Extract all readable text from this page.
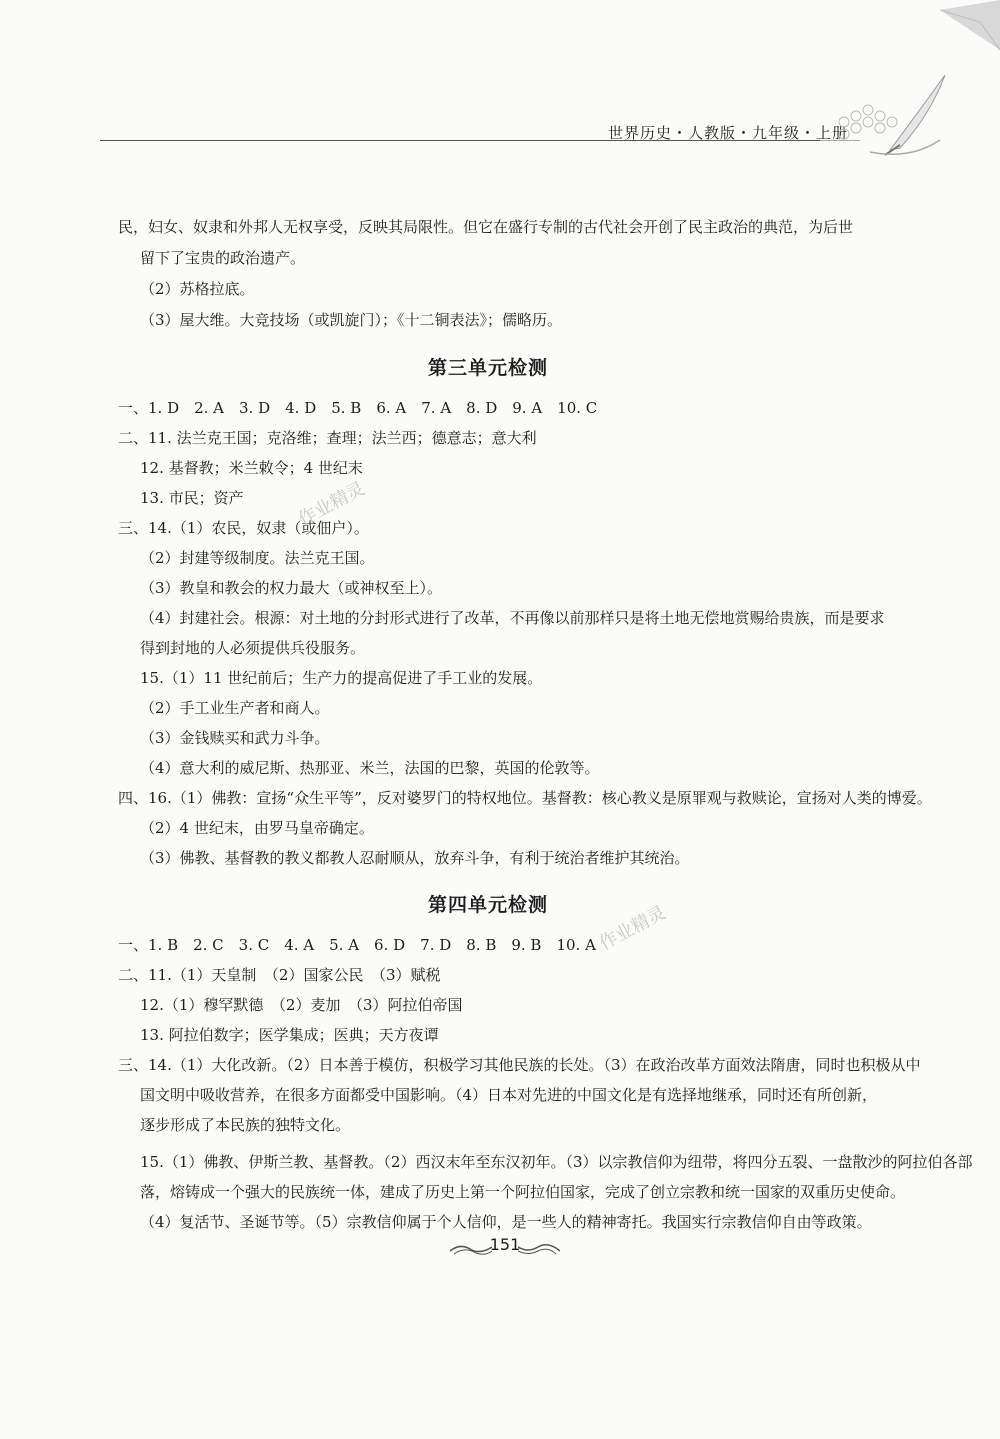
世界历史・人教版・九年级・上册
民，妇女、奴隶和外邦人无权享受，反映其局限性。但它在盛行专制的古代社会开创了民主政治的典范，为后世
留下了宝贵的政治遗产。
（2）苏格拉底。
（3）屋大维。大竞技场（或凯旋门）；《十二铜表法》；儒略历。
第三单元检测
一、1. D　2. A　3. D　4. D　5. B　6. A　7. A　8. D　9. A　10. C
二、11. 法兰克王国；克洛维；查理；法兰西；德意志；意大利
12. 基督教；米兰敕令；4 世纪末
13. 市民；资产
三、14.（1）农民，奴隶（或佃户）。
（2）封建等级制度。法兰克王国。
（3）教皇和教会的权力最大（或神权至上）。
（4）封建社会。根源：对土地的分封形式进行了改革，不再像以前那样只是将土地无偿地赏赐给贵族，而是要求
得到封地的人必须提供兵役服务。
15.（1）11 世纪前后；生产力的提高促进了手工业的发展。
（2）手工业生产者和商人。
（3）金钱赎买和武力斗争。
（4）意大利的威尼斯、热那亚、米兰，法国的巴黎，英国的伦敦等。
四、16.（1）佛教：宣扬“众生平等”，反对婆罗门的特权地位。基督教：核心教义是原罪观与救赎论，宣扬对人类的博爱。
（2）4 世纪末，由罗马皇帝确定。
（3）佛教、基督教的教义都教人忍耐顺从，放弃斗争，有利于统治者维护其统治。
第四单元检测
一、1. B　2. C　3. C　4. A　5. A　6. D　7. D　8. B　9. B　10. A
二、11.（1）天皇制　（2）国家公民　（3）赋税
12.（1）穆罕默德　（2）麦加　（3）阿拉伯帝国
13. 阿拉伯数字；医学集成；医典；天方夜谭
三、14.（1）大化改新。（2）日本善于模仿，积极学习其他民族的长处。（3）在政治改革方面效法隋唐，同时也积极从中
国文明中吸收营养，在很多方面都受中国影响。（4）日本对先进的中国文化是有选择地继承，同时还有所创新，
逐步形成了本民族的独特文化。
15.（1）佛教、伊斯兰教、基督教。（2）西汉末年至东汉初年。（3）以宗教信仰为纽带，将四分五裂、一盘散沙的阿拉伯各部
落，熔铸成一个强大的民族统一体，建成了历史上第一个阿拉伯国家，完成了创立宗教和统一国家的双重历史使命。
（4）复活节、圣诞节等。（5）宗教信仰属于个人信仰，是一些人的精神寄托。我国实行宗教信仰自由等政策。
作业精灵
作业精灵
151
